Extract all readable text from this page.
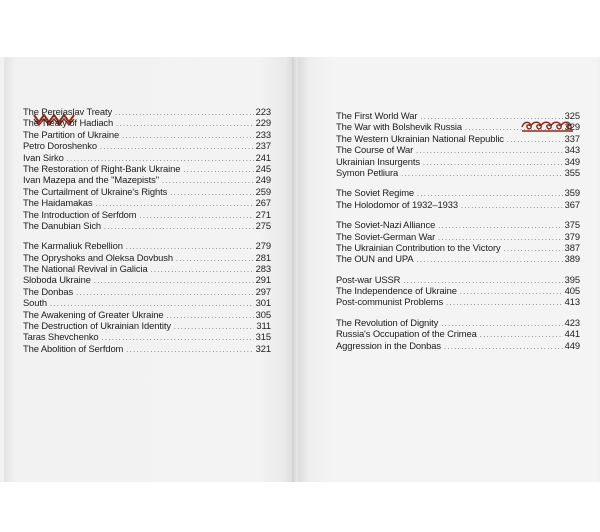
The Pereiaslav Treaty .....	223
The Treaty of Hadiach .....	229
The Partition of Ukraine .....	233
Petro Doroshenko .....	237
Ivan Sirko .....	241
The Restoration of Right-Bank Ukraine .....	245
Ivan Mazepa and the "Mazepists" .....	249
The Curtailment of Ukraine's Rights .....	259
The Haidamakas .....	267
The Introduction of Serfdom .....	271
The Danubian Sich .....	275
The Karmaliuk Rebellion .....	279
The Opryshoks and Oleksa Dovbush .....	281
The National Revival in Galicia .....	283
Sloboda Ukraine .....	291
The Donbas .....	297
South .....	301
The Awakening of Greater Ukraine .....	305
The Destruction of Ukrainian Identity .....	311
Taras Shevchenko .....	315
The Abolition of Serfdom .....	321
The First World War .....	325
The War with Bolshevik Russia .....	329
The Western Ukrainian National Republic .....	337
The Course of War .....	343
Ukrainian Insurgents .....	349
Symon Petliura .....	355
The Soviet Regime .....	359
The Holodomor of 1932–1933 .....	367
The Soviet-Nazi Alliance .....	375
The Soviet-German War .....	379
The Ukrainian Contribution to the Victory .....	387
The OUN and UPA .....	389
Post-war USSR .....	395
The Independence of Ukraine .....	405
Post-communist Problems .....	413
The Revolution of Dignity .....	423
Russia's Occupation of the Crimea .....	441
Aggression in the Donbas .....	449
